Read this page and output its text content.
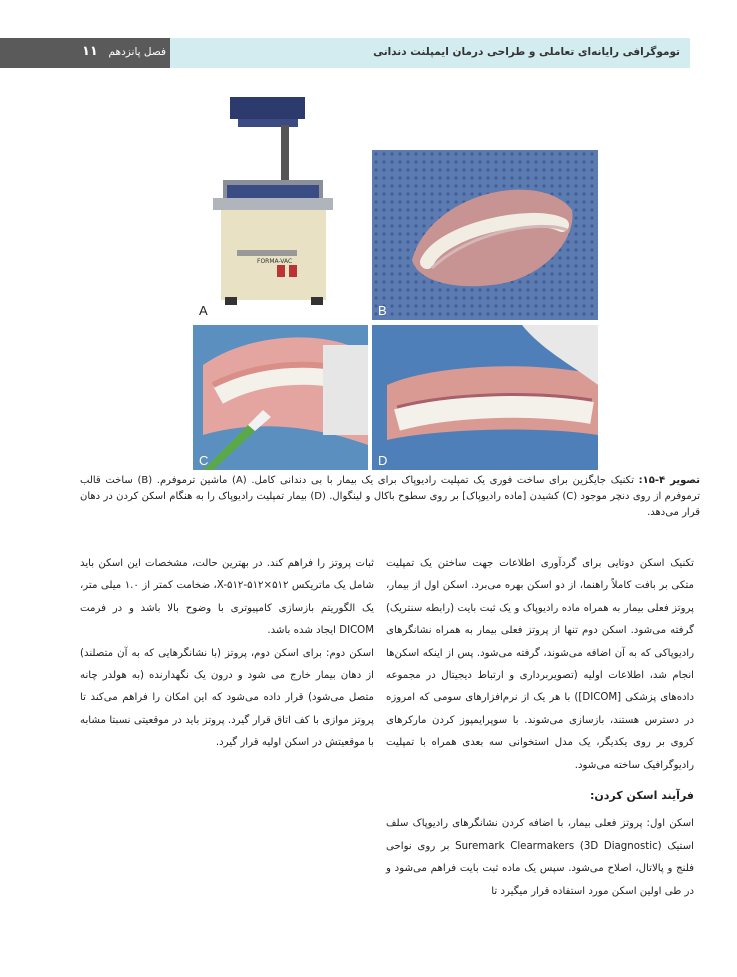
۱۱ فصل پانزدهم	توموگرافی رایانه‌ای تعاملی و طراحی درمان ایمپلنت دندانی
FORMA-VAC
A	B
C	D
تصویر ۴-۱۵: تکنیک جایگزین برای ساخت فوری یک تمپلیت رادیوپاک برای یک بیمار با بی دندانی کامل. (A) ماشین ترموفرم. (B) ساخت قالب ترموفرم از روی دنچر موجود (C) کشیدن [ماده رادیوپاک] بر روی سطوح باکال و لینگوال. (D) بیمار تمپلیت رادیوپاک را به هنگام اسکن کردن در دهان قرار می‌دهد.

تکنیک اسکن دوتایی برای گردآوری اطلاعات جهت ساختن یک تمپلیت متکی بر بافت کاملاً راهنما، از دو اسکن بهره می‌برد. اسکن اول از بیمار، پروتز فعلی بیمار به همراه ماده رادیوپاک و یک ثبت بایت (رابطه سنتریک) گرفته می‌شود. اسکن دوم تنها از پروتز فعلی بیمار به همراه نشانگرهای رادیوپاکی که به آن اضافه می‌شوند، گرفته می‌شود. پس از اینکه اسکن‌ها انجام شد، اطلاعات اولیه (تصویربرداری و ارتباط دیجیتال در مجموعه داده‌های پزشکی [DICOM]) با هر یک از نرم‌افزارهای سومی که امروزه در دسترس هستند، بازسازی می‌شوند. با سوپرایمپوز کردن مارکرهای کروی بر روی یکدیگر، یک مدل استخوانی سه بعدی همراه با تمپلیت رادیوگرافیک ساخته می‌شود.

فرآیند اسکن کردن:

اسکن اول: پروتز فعلی بیمار، با اضافه کردن نشانگرهای رادیوپاک سلف استیک Suremark Clearmakers (3D Diagnostic) بر روی نواحی فلنج و پالاتال، اصلاح می‌شود. سپس یک ماده ثبت بایت فراهم می‌شود و در طی اولین اسکن مورد استفاده قرار میگیرد تا

ثبات پروتز را فراهم کند. در بهترین حالت، مشخصات این اسکن باید شامل یک ماتریکس ۵۱۲×۵۱۲-X-۵۱۲، ضخامت کمتر از ۱.۰ میلی متر، یک الگوریتم بازسازی کامپیوتری با وضوح بالا باشد و در فرمت DICOM ایجاد شده باشد.

اسکن دوم: برای اسکن دوم، پروتز (با نشانگرهایی که به آن متصلند) از دهان بیمار خارج می شود و درون یک نگهدارنده (به هولدر چانه متصل می‌شود) قرار داده می‌شود که این امکان را فراهم می‌کند تا پروتز موازی با کف اتاق قرار گیرد. پروتز باید در موقعیتی نسبتا مشابه با موقعیتش در اسکن اولیه قرار گیرد.
